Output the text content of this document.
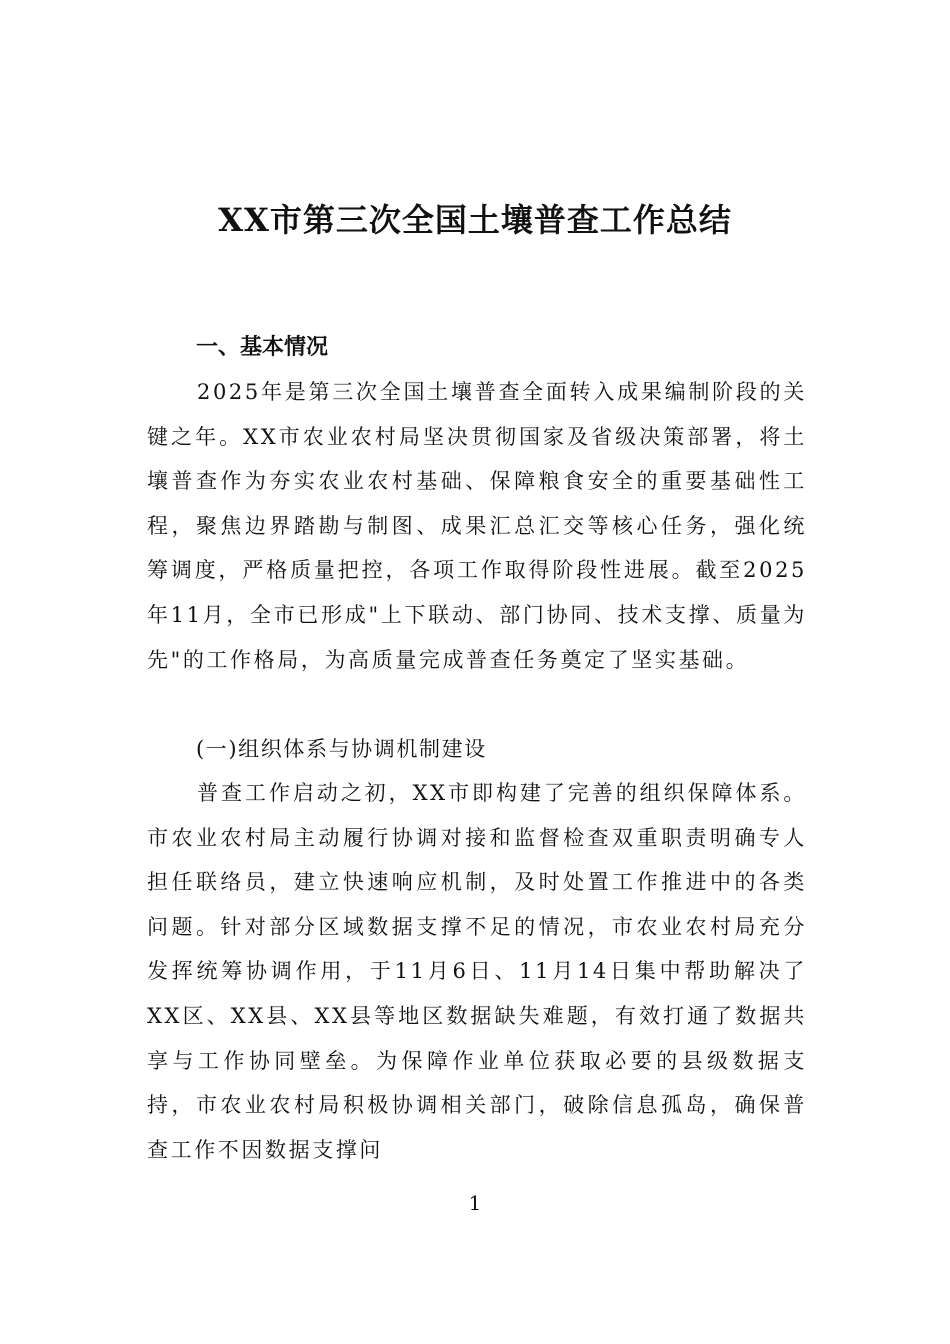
XX市第三次全国土壤普查工作总结
一、基本情况

2025年是第三次全国土壤普查全面转入成果编制阶段的关键之年。XX市农业农村局坚决贯彻国家及省级决策部署，将土壤普查作为夯实农业农村基础、保障粮食安全的重要基础性工程，聚焦边界踏勘与制图、成果汇总汇交等核心任务，强化统筹调度，严格质量把控，各项工作取得阶段性进展。截至2025年11月，全市已形成"上下联动、部门协同、技术支撑、质量为先"的工作格局，为高质量完成普查任务奠定了坚实基础。

(一)组织体系与协调机制建设

普查工作启动之初，XX市即构建了完善的组织保障体系。市农业农村局主动履行协调对接和监督检查双重职责明确专人担任联络员，建立快速响应机制，及时处置工作推进中的各类问题。针对部分区域数据支撑不足的情况，市农业农村局充分发挥统筹协调作用，于11月6日、11月14日集中帮助解决了XX区、XX县、XX县等地区数据缺失难题，有效打通了数据共享与工作协同壁垒。为保障作业单位获取必要的县级数据支持，市农业农村局积极协调相关部门，破除信息孤岛，确保普查工作不因数据支撑问

1
